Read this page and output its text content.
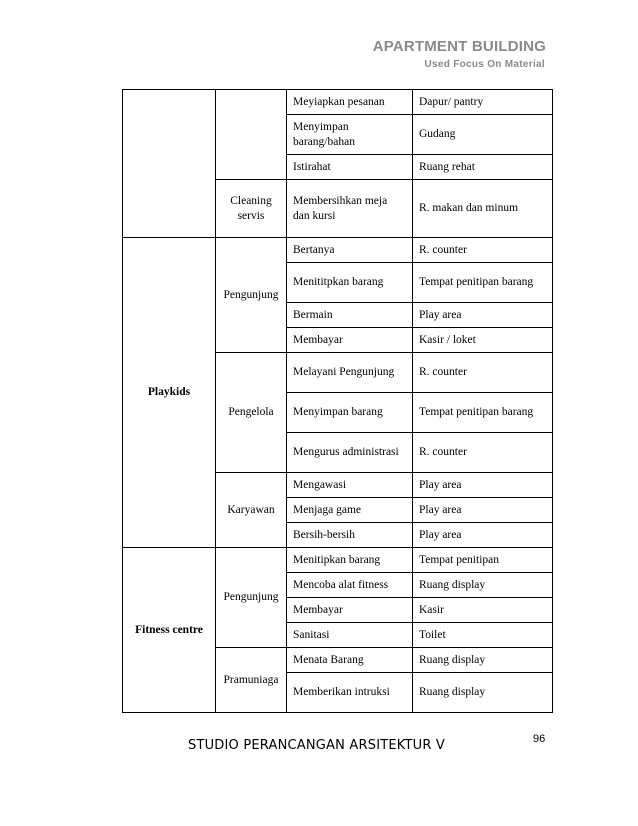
APARTMENT BUILDING
Used Focus On Material
		Meyiapkan pesanan	Dapur/ pantry
		Menyimpan barang/bahan	Gudang
		Istirahat	Ruang rehat
	Cleaning servis	Membersihkan meja dan kursi	R. makan dan minum
Playkids	Pengunjung	Bertanya	R. counter
		Menititpkan barang	Tempat penitipan barang
		Bermain	Play area
		Membayar	Kasir / loket
	Pengelola	Melayani Pengunjung	R. counter
		Menyimpan barang	Tempat penitipan barang
		Mengurus administrasi	R. counter
	Karyawan	Mengawasi	Play area
		Menjaga game	Play area
		Bersih-bersih	Play area
Fitness centre	Pengunjung	Menitipkan barang	Tempat penitipan
		Mencoba alat fitness	Ruang display
		Membayar	Kasir
		Sanitasi	Toilet
	Pramuniaga	Menata Barang	Ruang display
		Memberikan intruksi	Ruang display
96
STUDIO PERANCANGAN ARSITEKTUR V
